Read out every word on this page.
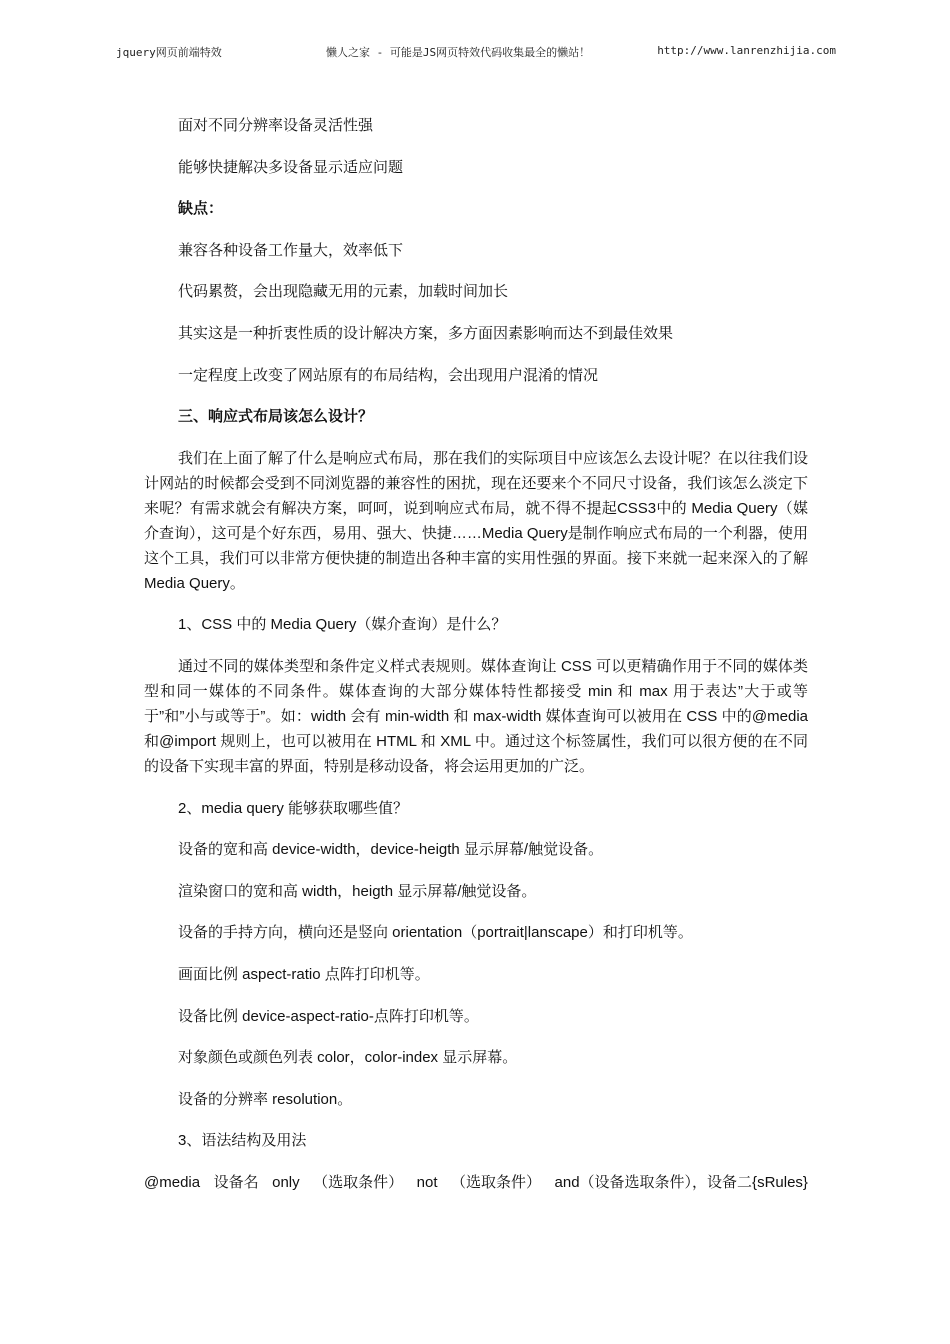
jquery网页前端特效	懒人之家 - 可能是JS网页特效代码收集最全的懒站！	http://www.lanrenzhijia.com
面对不同分辨率设备灵活性强
能够快捷解决多设备显示适应问题
缺点：
兼容各种设备工作量大，效率低下
代码累赘，会出现隐藏无用的元素，加载时间加长
其实这是一种折衷性质的设计解决方案，多方面因素影响而达不到最佳效果
一定程度上改变了网站原有的布局结构，会出现用户混淆的情况
三、响应式布局该怎么设计？

我们在上面了解了什么是响应式布局，那在我们的实际项目中应该怎么去设计呢？在以往我们设计网站的时候都会受到不同浏览器的兼容性的困扰，现在还要来个不同尺寸设备，我们该怎么淡定下来呢？有需求就会有解决方案，呵呵，说到响应式布局，就不得不提起CSS3中的 Media Query（媒介查询），这可是个好东西，易用、强大、快捷……Media Query是制作响应式布局的一个利器，使用这个工具，我们可以非常方便快捷的制造出各种丰富的实用性强的界面。接下来就一起来深入的了解 Media Query。

1、CSS 中的 Media Query（媒介查询）是什么？

通过不同的媒体类型和条件定义样式表规则。媒体查询让 CSS 可以更精确作用于不同的媒体类型和同一媒体的不同条件。媒体查询的大部分媒体特性都接受 min 和 max 用于表达”大于或等于”和”小与或等于”。如：width 会有 min-width 和 max-width 媒体查询可以被用在 CSS 中的@media 和@import 规则上，也可以被用在 HTML 和 XML 中。通过这个标签属性，我们可以很方便的在不同的设备下实现丰富的界面，特别是移动设备，将会运用更加的广泛。

2、media query 能够获取哪些值？
设备的宽和高 device-width，device-heigth 显示屏幕/触觉设备。
渲染窗口的宽和高 width，heigth 显示屏幕/触觉设备。
设备的手持方向，横向还是竖向 orientation（portrait|lanscape）和打印机等。
画面比例 aspect-ratio 点阵打印机等。
设备比例 device-aspect-ratio-点阵打印机等。
对象颜色或颜色列表 color，color-index 显示屏幕。
设备的分辨率 resolution。
3、语法结构及用法
@media 设备名 only （选取条件） not （选取条件） and（设备选取条件），设备二{sRules}
